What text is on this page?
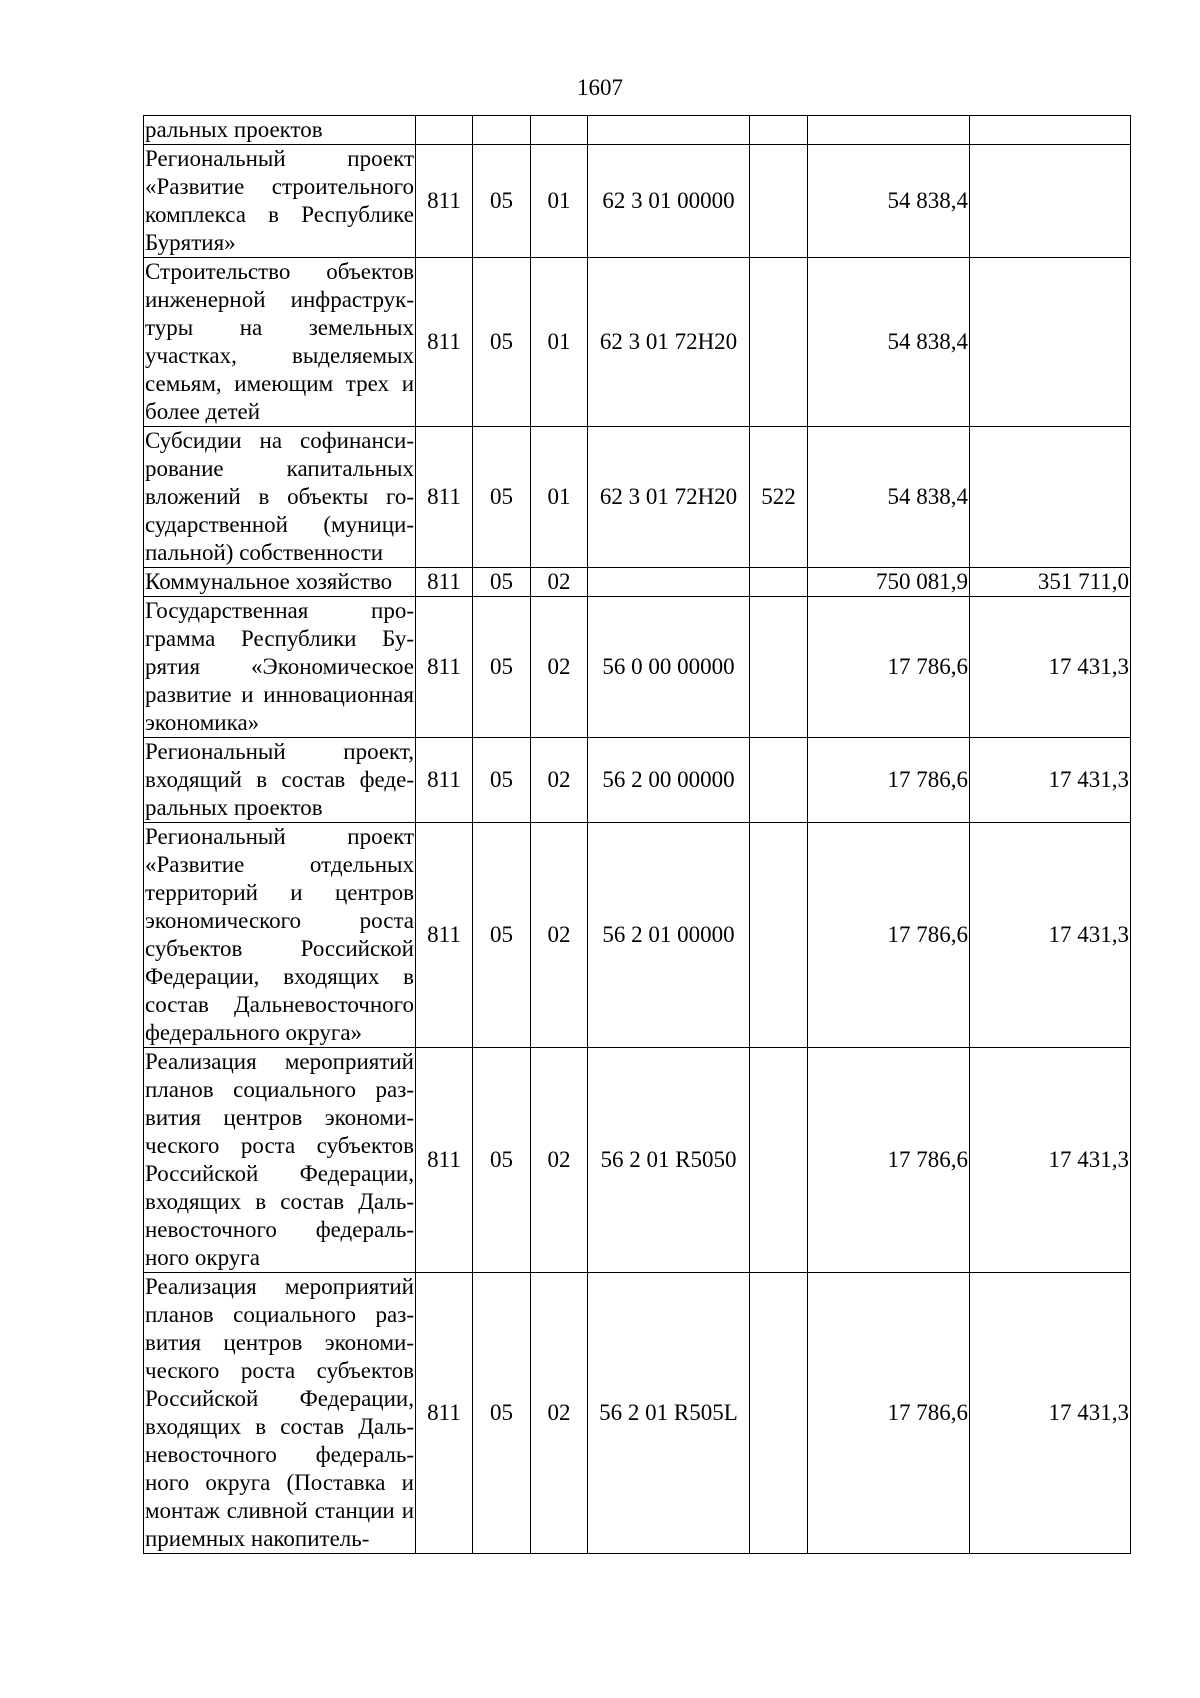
1607
ральных проектов							
Региональный проект «Развитие строительного комплекса в Республике Бурятия»	811	05	01	62 3 01 00000		54 838,4	
Строительство объектов инженерной инфраструктуры на земельных участках, выделяемых семьям, имеющим трех и более детей	811	05	01	62 3 01 72Н20		54 838,4	
Субсидии на софинансирование капитальных вложений в объекты государственной (муниципальной) собственности	811	05	01	62 3 01 72Н20	522	54 838,4	
Коммунальное хозяйство	811	05	02			750 081,9	351 711,0
Государственная программа Республики Бурятия «Экономическое развитие и инновационная экономика»	811	05	02	56 0 00 00000		17 786,6	17 431,3
Региональный проект, входящий в состав федеральных проектов	811	05	02	56 2 00 00000		17 786,6	17 431,3
Региональный проект «Развитие отдельных территорий и центров экономического роста субъектов Российской Федерации, входящих в состав Дальневосточного федерального округа»	811	05	02	56 2 01 00000		17 786,6	17 431,3
Реализация мероприятий планов социального развития центров экономического роста субъектов Российской Федерации, входящих в состав Дальневосточного федерального округа	811	05	02	56 2 01 R5050		17 786,6	17 431,3
Реализация мероприятий планов социального развития центров экономического роста субъектов Российской Федерации, входящих в состав Дальневосточного федерального округа (Поставка и монтаж сливной станции и приемных накопитель-	811	05	02	56 2 01 R505L		17 786,6	17 431,3
